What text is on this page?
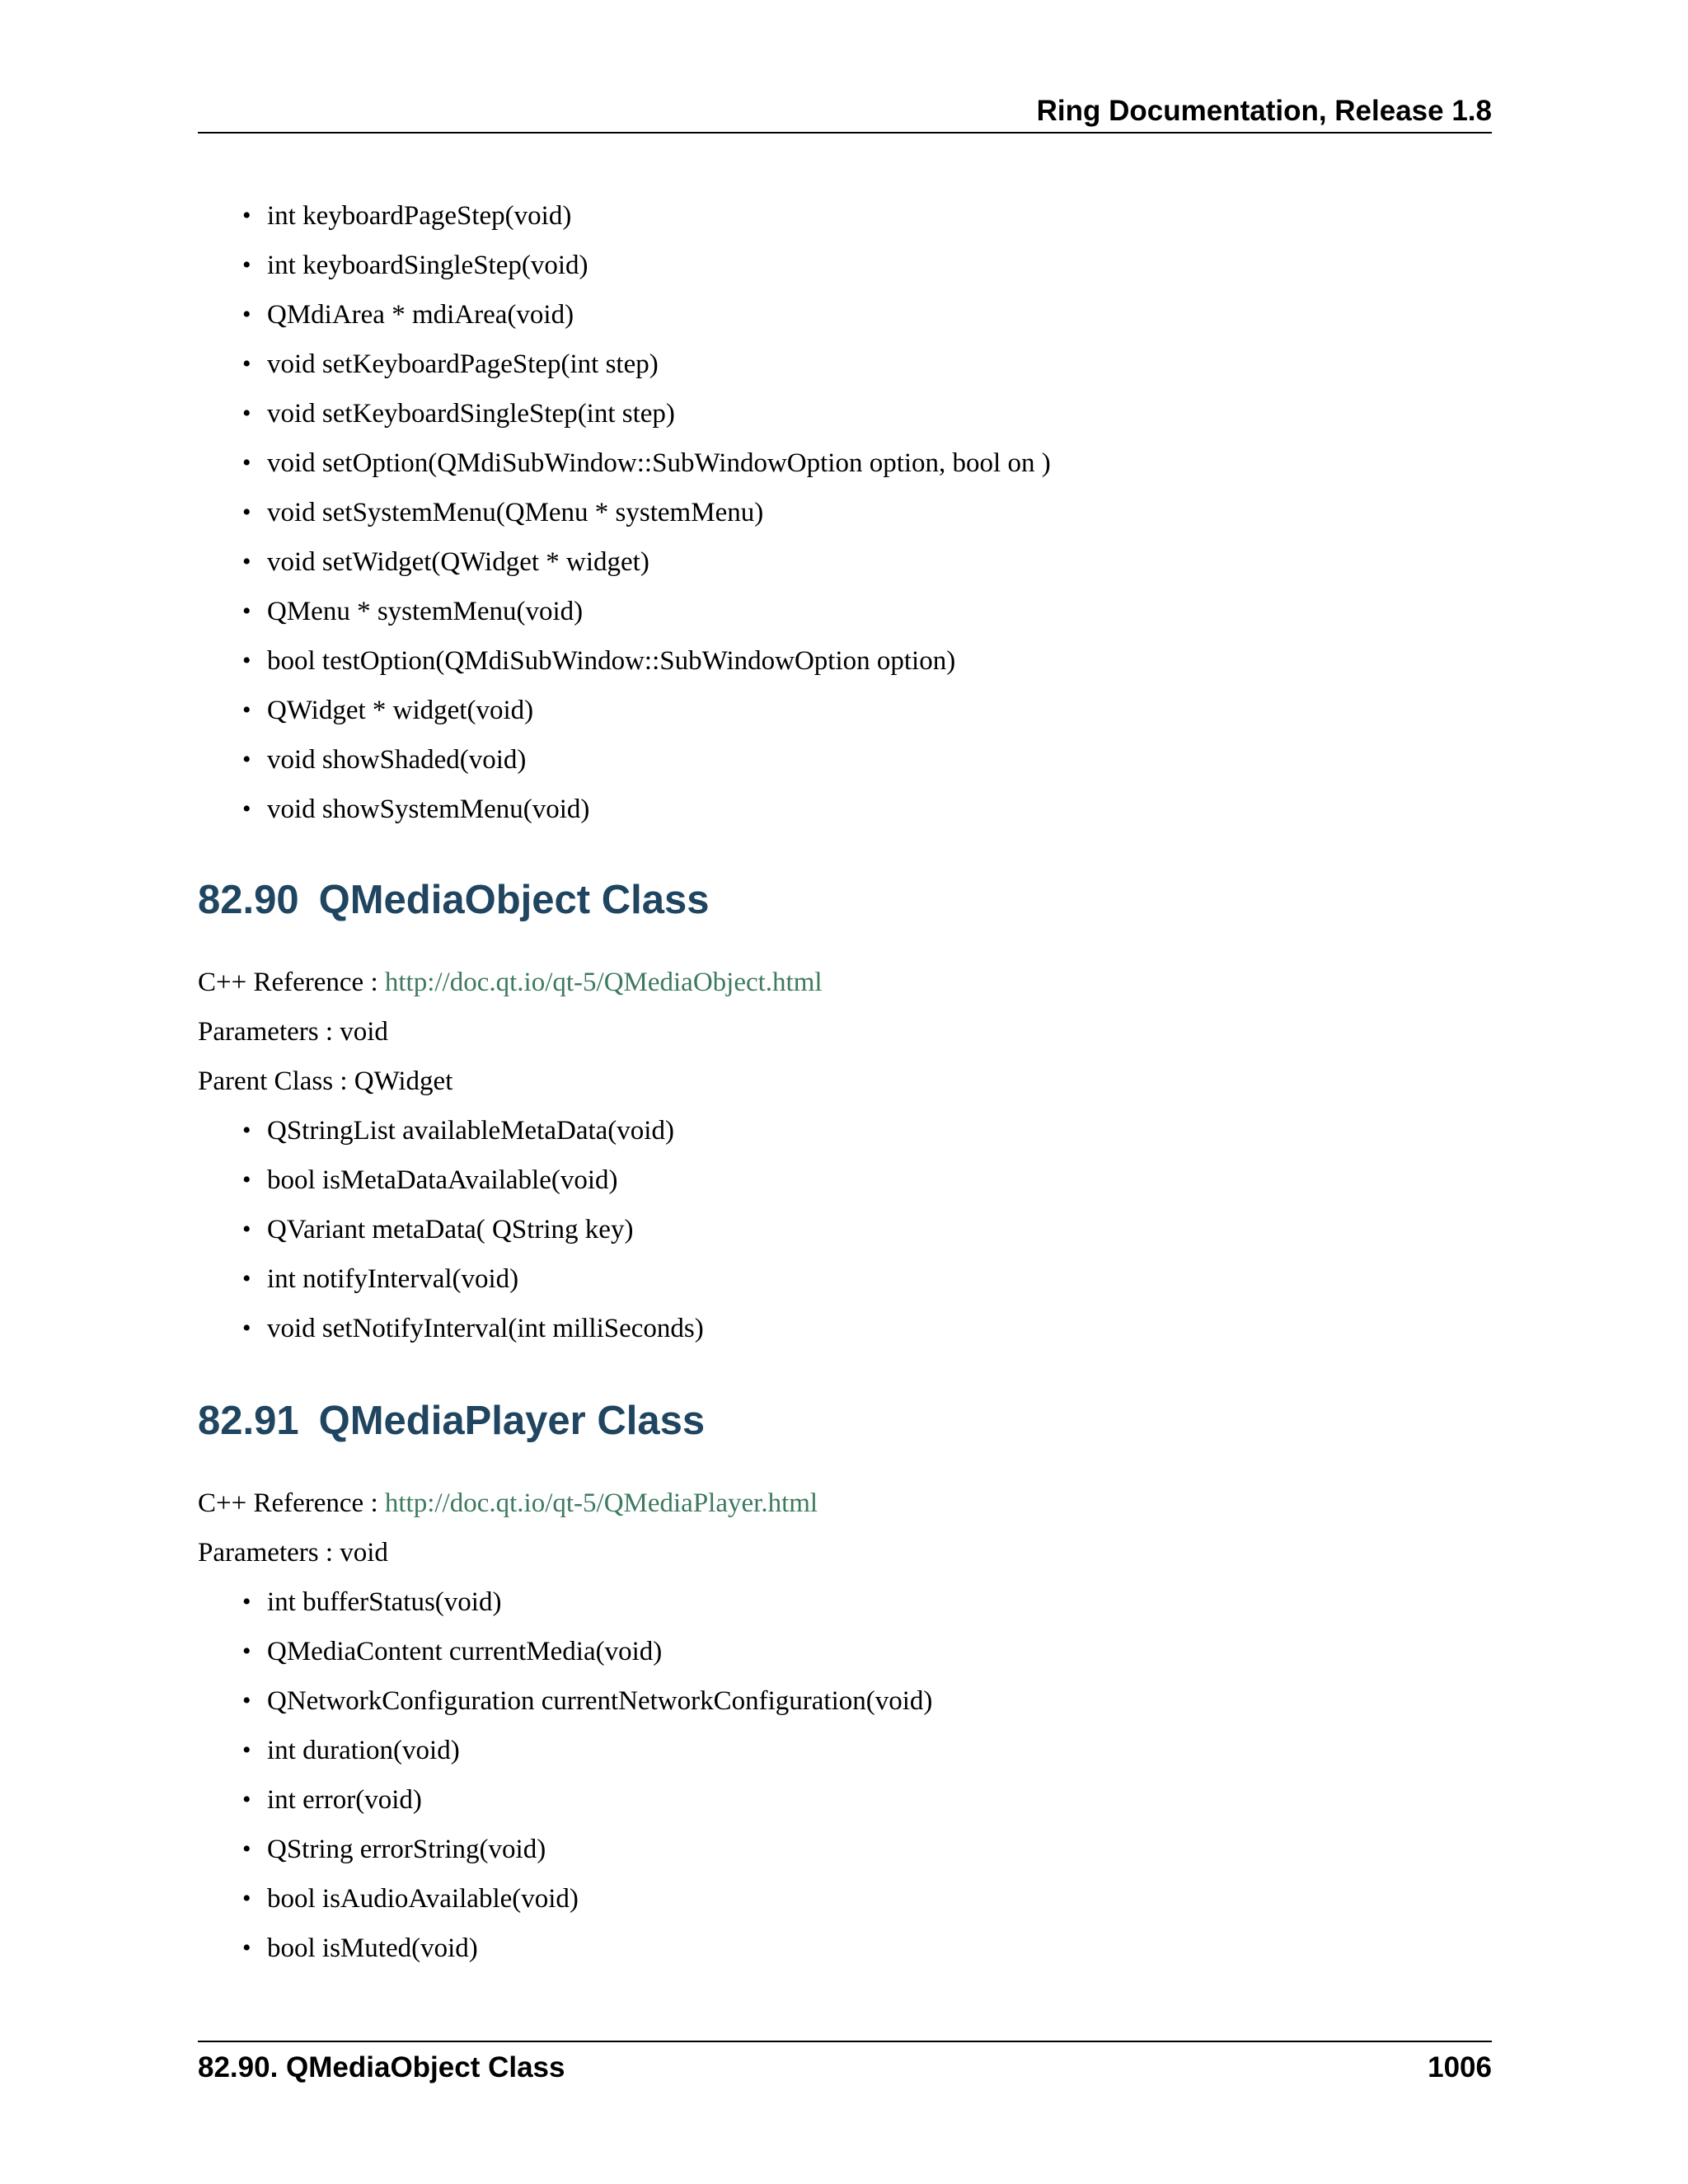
Ring Documentation, Release 1.8
• int keyboardPageStep(void)
• int keyboardSingleStep(void)
• QMdiArea * mdiArea(void)
• void setKeyboardPageStep(int step)
• void setKeyboardSingleStep(int step)
• void setOption(QMdiSubWindow::SubWindowOption option, bool on )
• void setSystemMenu(QMenu * systemMenu)
• void setWidget(QWidget * widget)
• QMenu * systemMenu(void)
• bool testOption(QMdiSubWindow::SubWindowOption option)
• QWidget * widget(void)
• void showShaded(void)
• void showSystemMenu(void)
82.90 QMediaObject Class
C++ Reference : http://doc.qt.io/qt-5/QMediaObject.html
Parameters : void
Parent Class : QWidget
• QStringList availableMetaData(void)
• bool isMetaDataAvailable(void)
• QVariant metaData( QString key)
• int notifyInterval(void)
• void setNotifyInterval(int milliSeconds)
82.91 QMediaPlayer Class
C++ Reference : http://doc.qt.io/qt-5/QMediaPlayer.html
Parameters : void
• int bufferStatus(void)
• QMediaContent currentMedia(void)
• QNetworkConfiguration currentNetworkConfiguration(void)
• int duration(void)
• int error(void)
• QString errorString(void)
• bool isAudioAvailable(void)
• bool isMuted(void)
82.90. QMediaObject Class	1006
